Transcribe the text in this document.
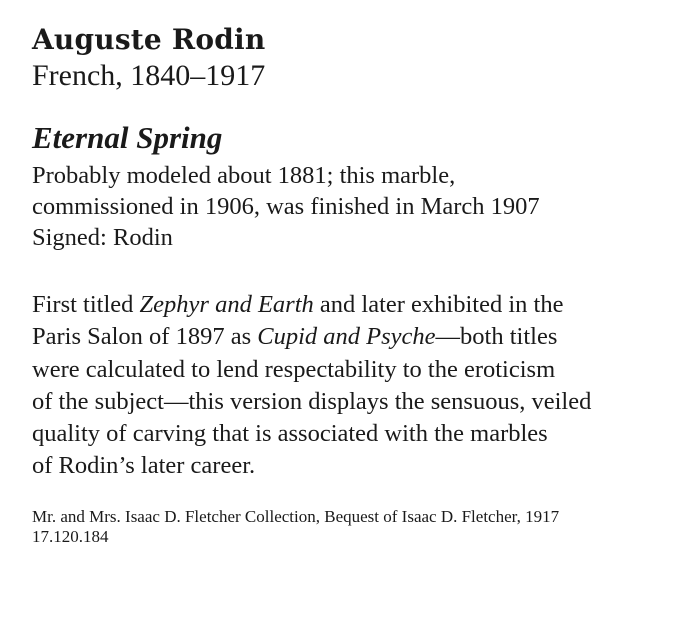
Auguste Rodin

French, 1840–1917

Eternal Spring

Probably modeled about 1881; this marble,
commissioned in 1906, was finished in March 1907
Signed: Rodin

First titled Zephyr and Earth and later exhibited in the
Paris Salon of 1897 as Cupid and Psyche—both titles
were calculated to lend respectability to the eroticism
of the subject—this version displays the sensuous, veiled
quality of carving that is associated with the marbles
of Rodin’s later career.

Mr. and Mrs. Isaac D. Fletcher Collection, Bequest of Isaac D. Fletcher, 1917
17.120.184
